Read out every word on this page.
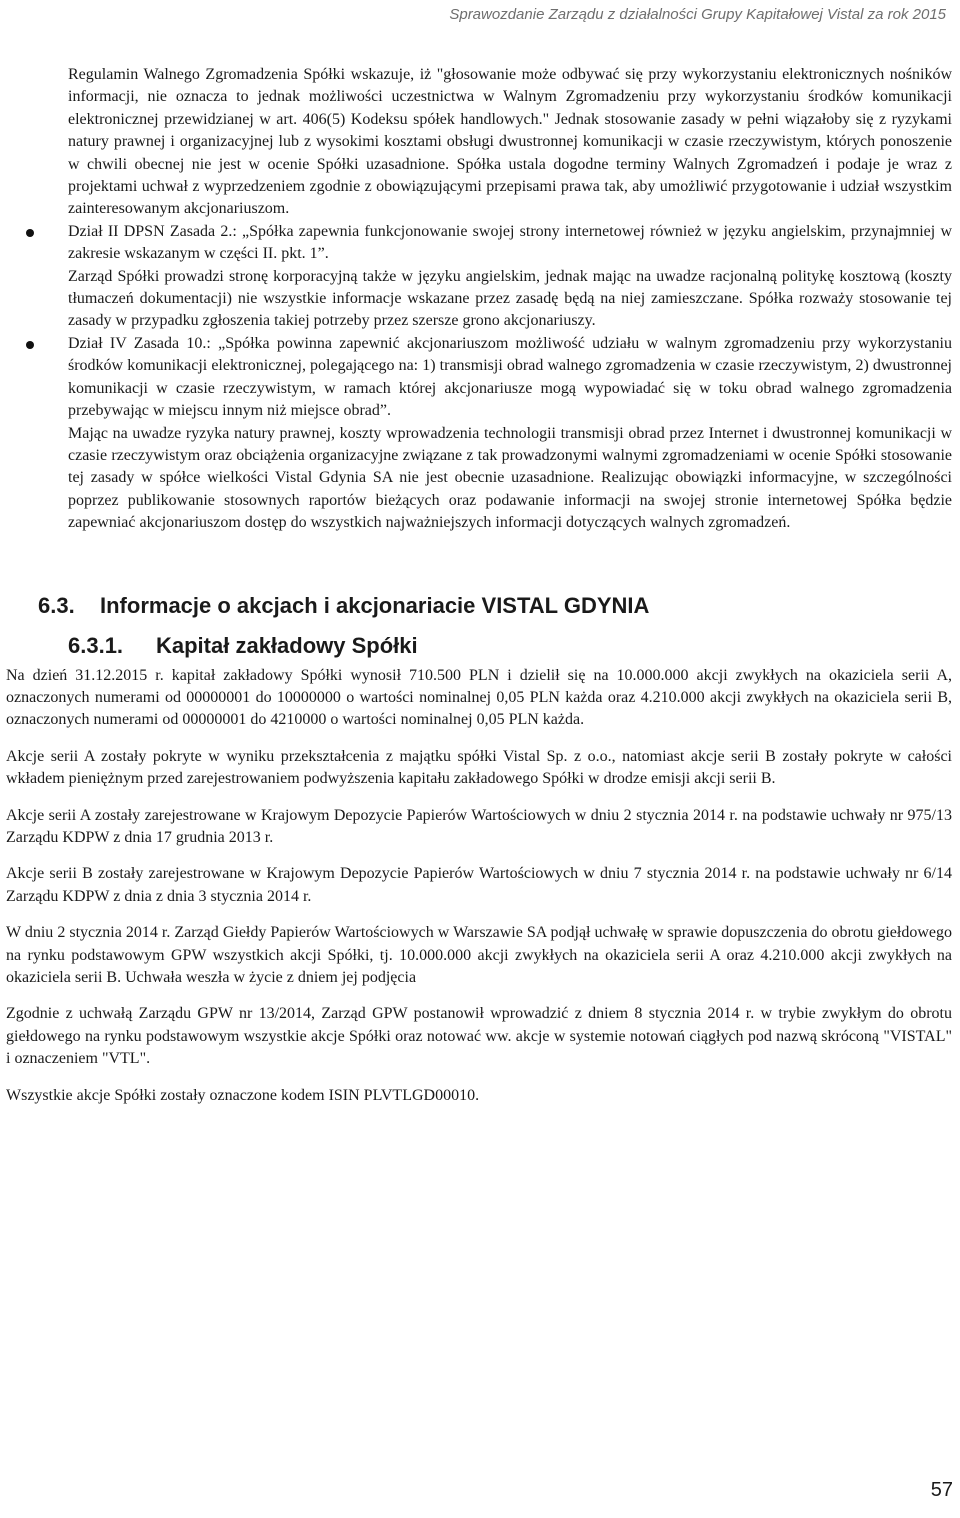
Sprawozdanie Zarządu z działalności Grupy Kapitałowej Vistal za rok 2015

Regulamin Walnego Zgromadzenia Spółki wskazuje, iż "głosowanie może odbywać się przy wykorzystaniu elektronicznych nośników informacji, nie oznacza to jednak możliwości uczestnictwa w Walnym Zgromadzeniu przy wykorzystaniu środków komunikacji elektronicznej przewidzianej w art. 406(5) Kodeksu spółek handlowych." Jednak stosowanie zasady w pełni wiązałoby się z ryzykami natury prawnej i organizacyjnej lub z wysokimi kosztami obsługi dwustronnej komunikacji w czasie rzeczywistym, których ponoszenie w chwili obecnej nie jest w ocenie Spółki uzasadnione. Spółka ustala dogodne terminy Walnych Zgromadzeń i podaje je wraz z projektami uchwał z wyprzedzeniem zgodnie z obowiązującymi przepisami prawa tak, aby umożliwić przygotowanie i udział wszystkim zainteresowanym akcjonariuszom.

Dział II DPSN Zasada 2.: „Spółka zapewnia funkcjonowanie swojej strony internetowej również w języku angielskim, przynajmniej w zakresie wskazanym w części II. pkt. 1”.

Zarząd Spółki prowadzi stronę korporacyjną także w języku angielskim, jednak mając na uwadze racjonalną politykę kosztową (koszty tłumaczeń dokumentacji) nie wszystkie informacje wskazane przez zasadę będą na niej zamieszczane. Spółka rozważy stosowanie tej zasady w przypadku zgłoszenia takiej potrzeby przez szersze grono akcjonariuszy.

Dział IV Zasada 10.: „Spółka powinna zapewnić akcjonariuszom możliwość udziału w walnym zgromadzeniu przy wykorzystaniu środków komunikacji elektronicznej, polegającego na: 1) transmisji obrad walnego zgromadzenia w czasie rzeczywistym, 2) dwustronnej komunikacji w czasie rzeczywistym, w ramach której akcjonariusze mogą wypowiadać się w toku obrad walnego zgromadzenia przebywając w miejscu innym niż miejsce obrad”.

Mając na uwadze ryzyka natury prawnej, koszty wprowadzenia technologii transmisji obrad przez Internet i dwustronnej komunikacji w czasie rzeczywistym oraz obciążenia organizacyjne związane z tak prowadzonymi walnymi zgromadzeniami w ocenie Spółki stosowanie tej zasady w spółce wielkości Vistal Gdynia SA nie jest obecnie uzasadnione. Realizując obowiązki informacyjne, w szczególności poprzez publikowanie stosownych raportów bieżących oraz podawanie informacji na swojej stronie internetowej Spółka będzie zapewniać akcjonariuszom dostęp do wszystkich najważniejszych informacji dotyczących walnych zgromadzeń.

6.3. Informacje o akcjach i akcjonariacie VISTAL GDYNIA

6.3.1. Kapitał zakładowy Spółki

Na dzień 31.12.2015 r. kapitał zakładowy Spółki wynosił 710.500 PLN i dzielił się na 10.000.000 akcji zwykłych na okaziciela serii A, oznaczonych numerami od 00000001 do 10000000 o wartości nominalnej 0,05 PLN każda oraz 4.210.000 akcji zwykłych na okaziciela serii B, oznaczonych numerami od 00000001 do 4210000 o wartości nominalnej 0,05 PLN każda.

Akcje serii A zostały pokryte w wyniku przekształcenia z majątku spółki Vistal Sp. z o.o., natomiast akcje serii B zostały pokryte w całości wkładem pieniężnym przed zarejestrowaniem podwyższenia kapitału zakładowego Spółki w drodze emisji akcji serii B.

Akcje serii A zostały zarejestrowane w Krajowym Depozycie Papierów Wartościowych w dniu 2 stycznia 2014 r. na podstawie uchwały nr 975/13 Zarządu KDPW z dnia 17 grudnia 2013 r.

Akcje serii B zostały zarejestrowane w Krajowym Depozycie Papierów Wartościowych w dniu 7 stycznia 2014 r. na podstawie uchwały nr 6/14 Zarządu KDPW z dnia z dnia 3 stycznia 2014 r.

W dniu 2 stycznia 2014 r. Zarząd Giełdy Papierów Wartościowych w Warszawie SA podjął uchwałę w sprawie dopuszczenia do obrotu giełdowego na rynku podstawowym GPW wszystkich akcji Spółki, tj. 10.000.000 akcji zwykłych na okaziciela serii A oraz 4.210.000 akcji zwykłych na okaziciela serii B. Uchwała weszła w życie z dniem jej podjęcia

Zgodnie z uchwałą Zarządu GPW nr 13/2014, Zarząd GPW postanowił wprowadzić z dniem 8 stycznia 2014 r. w trybie zwykłym do obrotu giełdowego na rynku podstawowym wszystkie akcje Spółki oraz notować ww. akcje w systemie notowań ciągłych pod nazwą skróconą "VISTAL" i oznaczeniem "VTL".

Wszystkie akcje Spółki zostały oznaczone kodem ISIN PLVTLGD00010.

57
